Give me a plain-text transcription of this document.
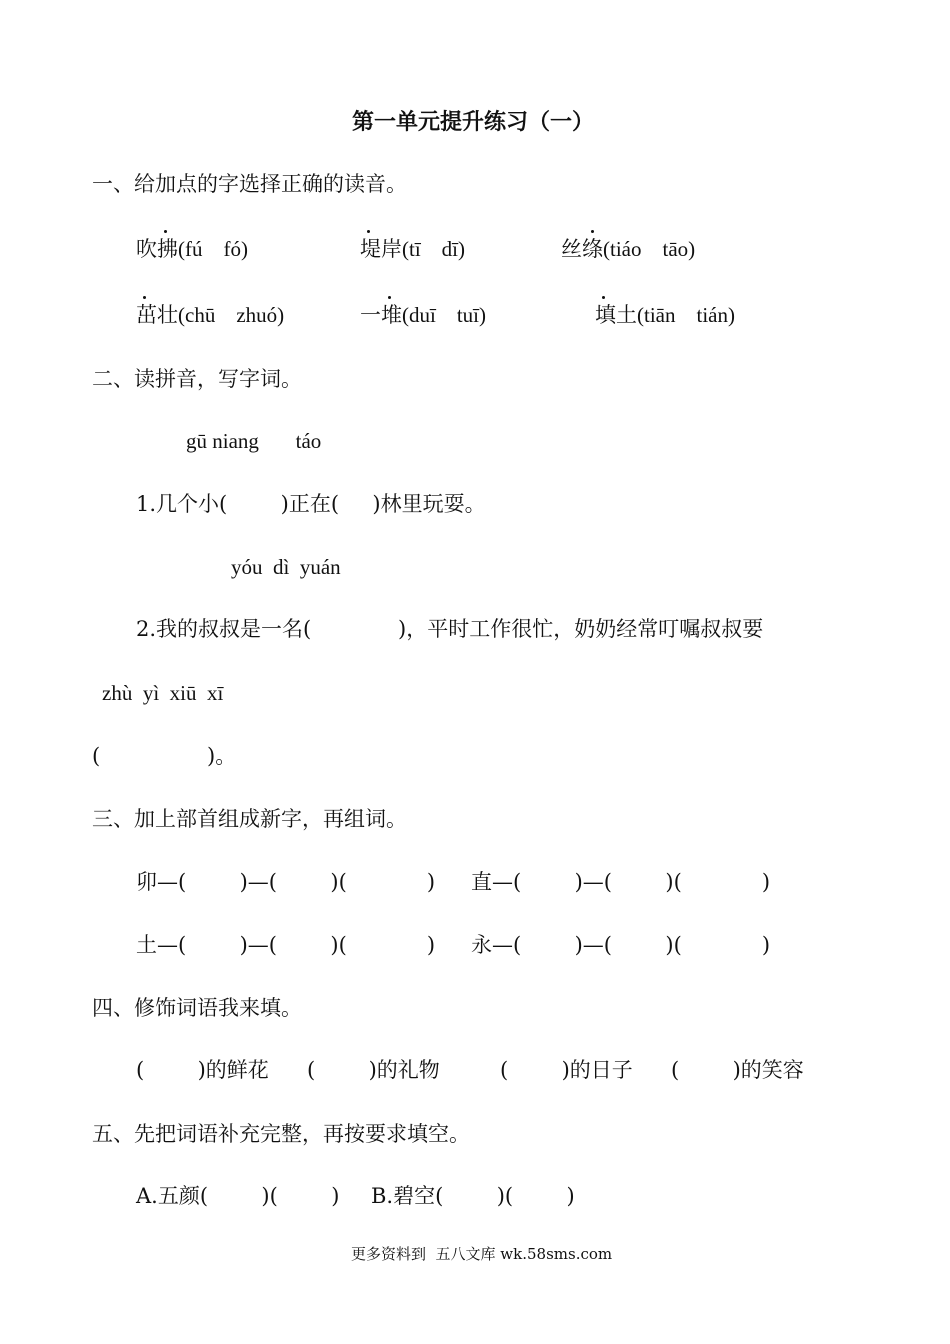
第一单元提升练习（一）
一、给加点的字选择正确的读音。
吹拂(fú    fó)	堤岸(tī    dī)	丝绦(tiáo    tāo)
茁壮(chū    zhuó)	一堆(duī    tuī)	填土(tiān    tián)
二、读拼音，写字词。
gū niang       táo
1.几个小(        )正在(     )林里玩耍。
yóu  dì  yuán
2.我的叔叔是一名(             )，平时工作很忙，奶奶经常叮嘱叔叔要
zhù  yì  xiū  xī
(                )。
三、加上部首组成新字，再组词。
卯—(        )—(        )(            ) 直—(        )—(        )(            )
土—(        )—(        )(            ) 永—(        )—(        )(            )
四、修饰词语我来填。
(        )的鲜花 (        )的礼物	(        )的日子 (        )的笑容
五、先把词语补充完整，再按要求填空。
A.五颜(        )(        ) B.碧空(        )(        )
更多资料到  五八文库 wk.58sms.com
